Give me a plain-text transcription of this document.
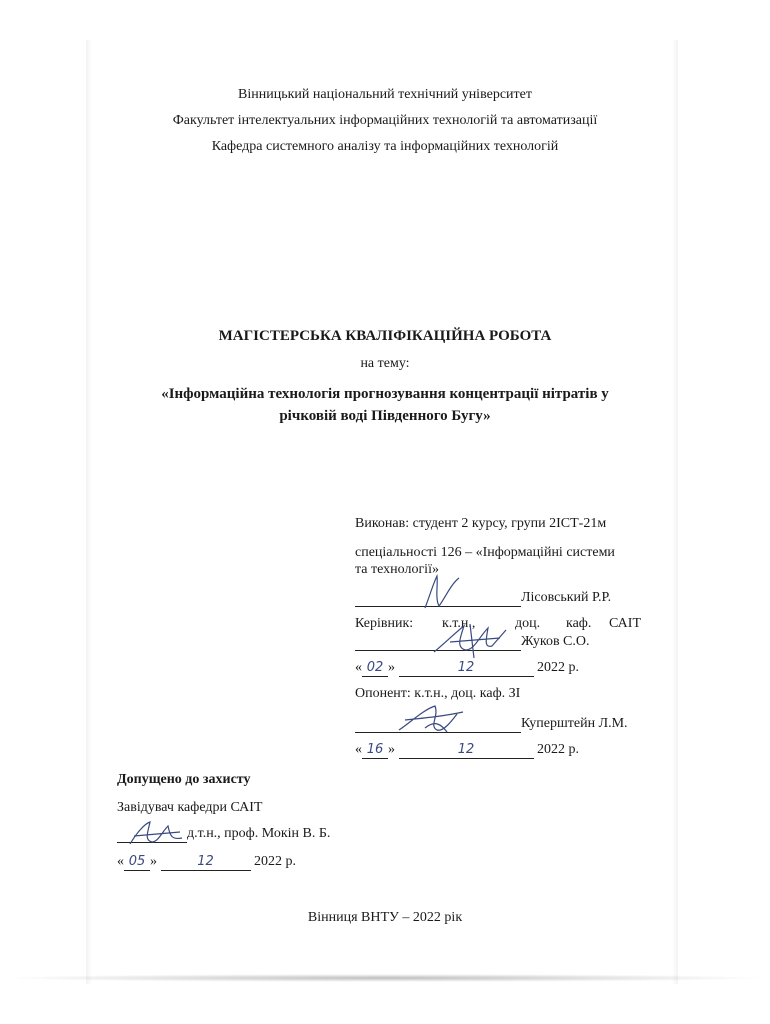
Вінницький національний технічний університет
Факультет інтелектуальних інформаційних технологій та автоматизації
Кафедра системного аналізу та інформаційних технологій
МАГІСТЕРСЬКА КВАЛІФІКАЦІЙНА РОБОТА
на тему:
«Інформаційна технологія прогнозування концентрації нітратів у
річковій воді Південного Бугу»
Виконав: студент 2 курсу, групи 2ІСТ-21м
спеціальності 126 – «Інформаційні системи
та технології»
Лісовський Р.Р.
Керівник: к.т.н.,	доц. каф. САІТ
Жуков С.О.
« 02 »	12	2022 р.
Опонент: к.т.н., доц. каф. ЗІ
Куперштейн Л.М.
« 16 »	12	2022 р.
Допущено до захисту
Завідувач кафедри САІТ
д.т.н., проф. Мокін В. Б.
« 05 »	12	2022 р.
Вінниця ВНТУ – 2022 рік
